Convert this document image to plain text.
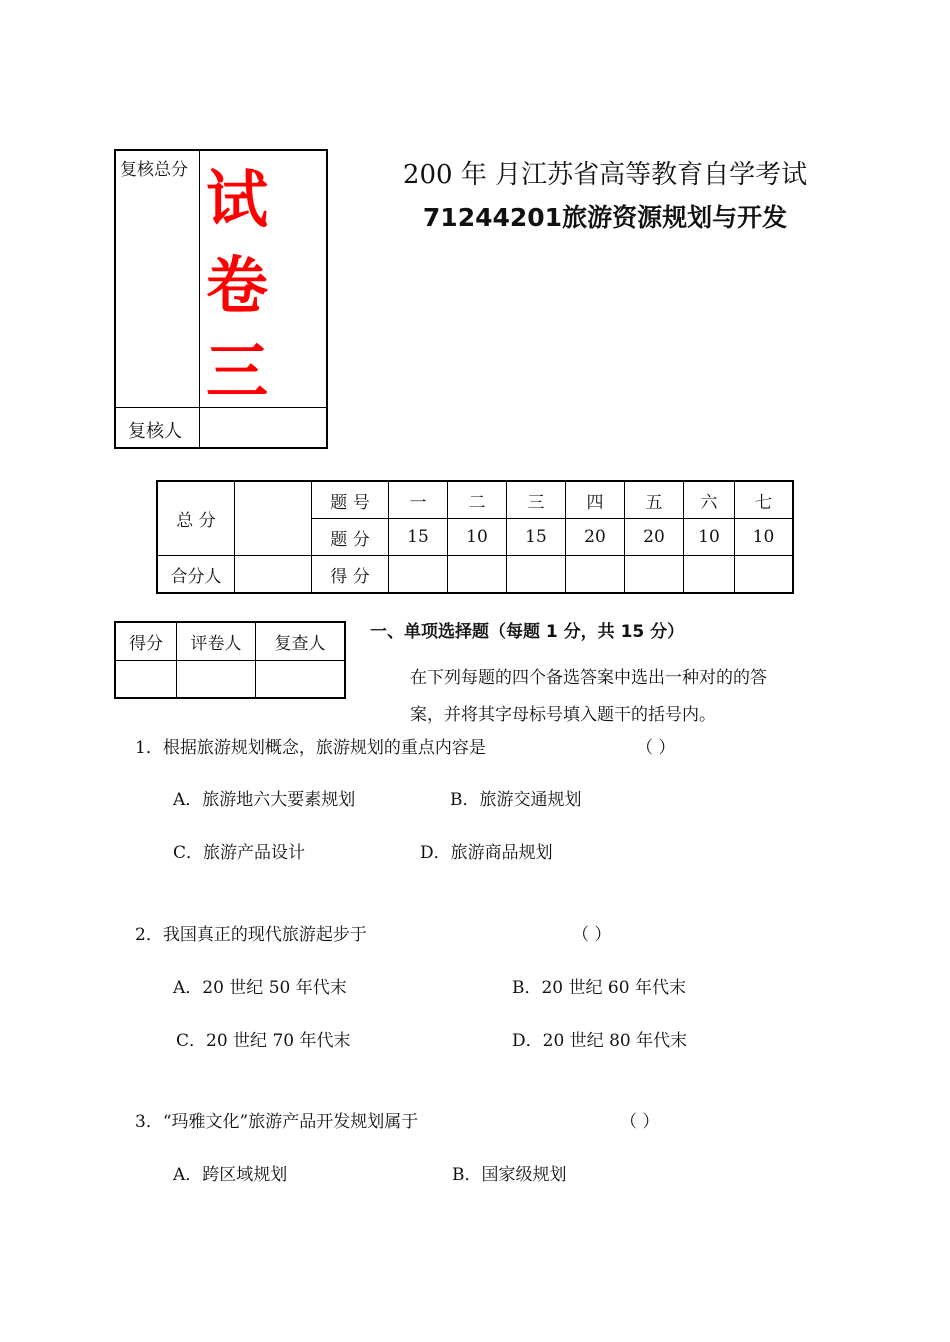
复核总分 试
卷
三
复核人
200 年 月江苏省高等教育自学考试
71244201旅游资源规划与开发
总 分		题 号	一	二	三	四	五	六	七
		题 分	15	10	15	20	20	10	10
合分人		得 分							
得分	评卷人	复查人

一、单项选择题（每题 1 分，共 15 分）
在下列每题的四个备选答案中选出一种对的的答
案，并将其字母标号填入题干的括号内。
1．根据旅游规划概念，旅游规划的重点内容是	（ ）
A．旅游地六大要素规划	B．旅游交通规划
C．旅游产品设计	D．旅游商品规划
2．我国真正的现代旅游起步于	（ ）
A．20 世纪 50 年代末	B．20 世纪 60 年代末
C．20 世纪 70 年代末	D．20 世纪 80 年代末
3．“玛雅文化”旅游产品开发规划属于	（ ）
A．跨区域规划	B．国家级规划
